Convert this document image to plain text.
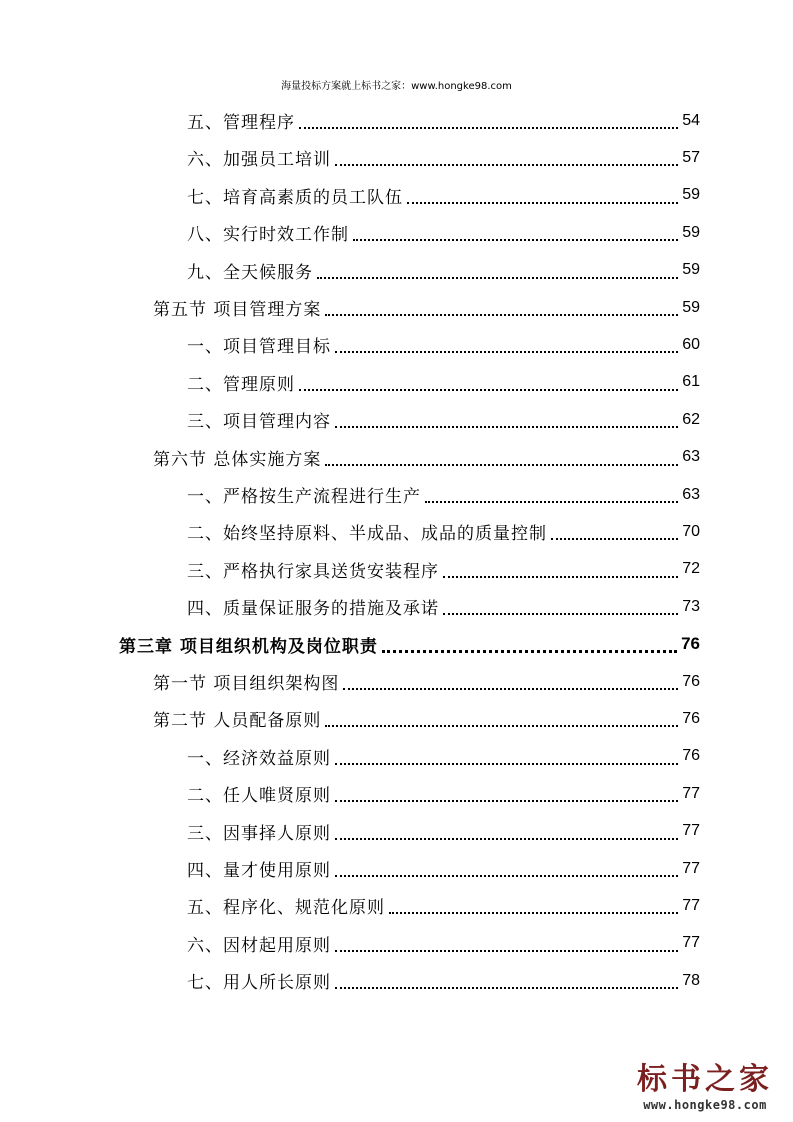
海量投标方案就上标书之家：www.hongke98.com
五、管理程序	54
六、加强员工培训	57
七、培育高素质的员工队伍	59
八、实行时效工作制	59
九、全天候服务	59
第五节 项目管理方案	59
一、项目管理目标	60
二、管理原则	61
三、项目管理内容	62
第六节 总体实施方案	63
一、严格按生产流程进行生产	63
二、始终坚持原料、半成品、成品的质量控制	70
三、严格执行家具送货安装程序	72
四、质量保证服务的措施及承诺	73
第三章 项目组织机构及岗位职责	76
第一节 项目组织架构图	76
第二节 人员配备原则	76
一、经济效益原则	76
二、任人唯贤原则	77
三、因事择人原则	77
四、量才使用原则	77
五、程序化、规范化原则	77
六、因材起用原则	77
七、用人所长原则	78
标书之家
www.hongke98.com
